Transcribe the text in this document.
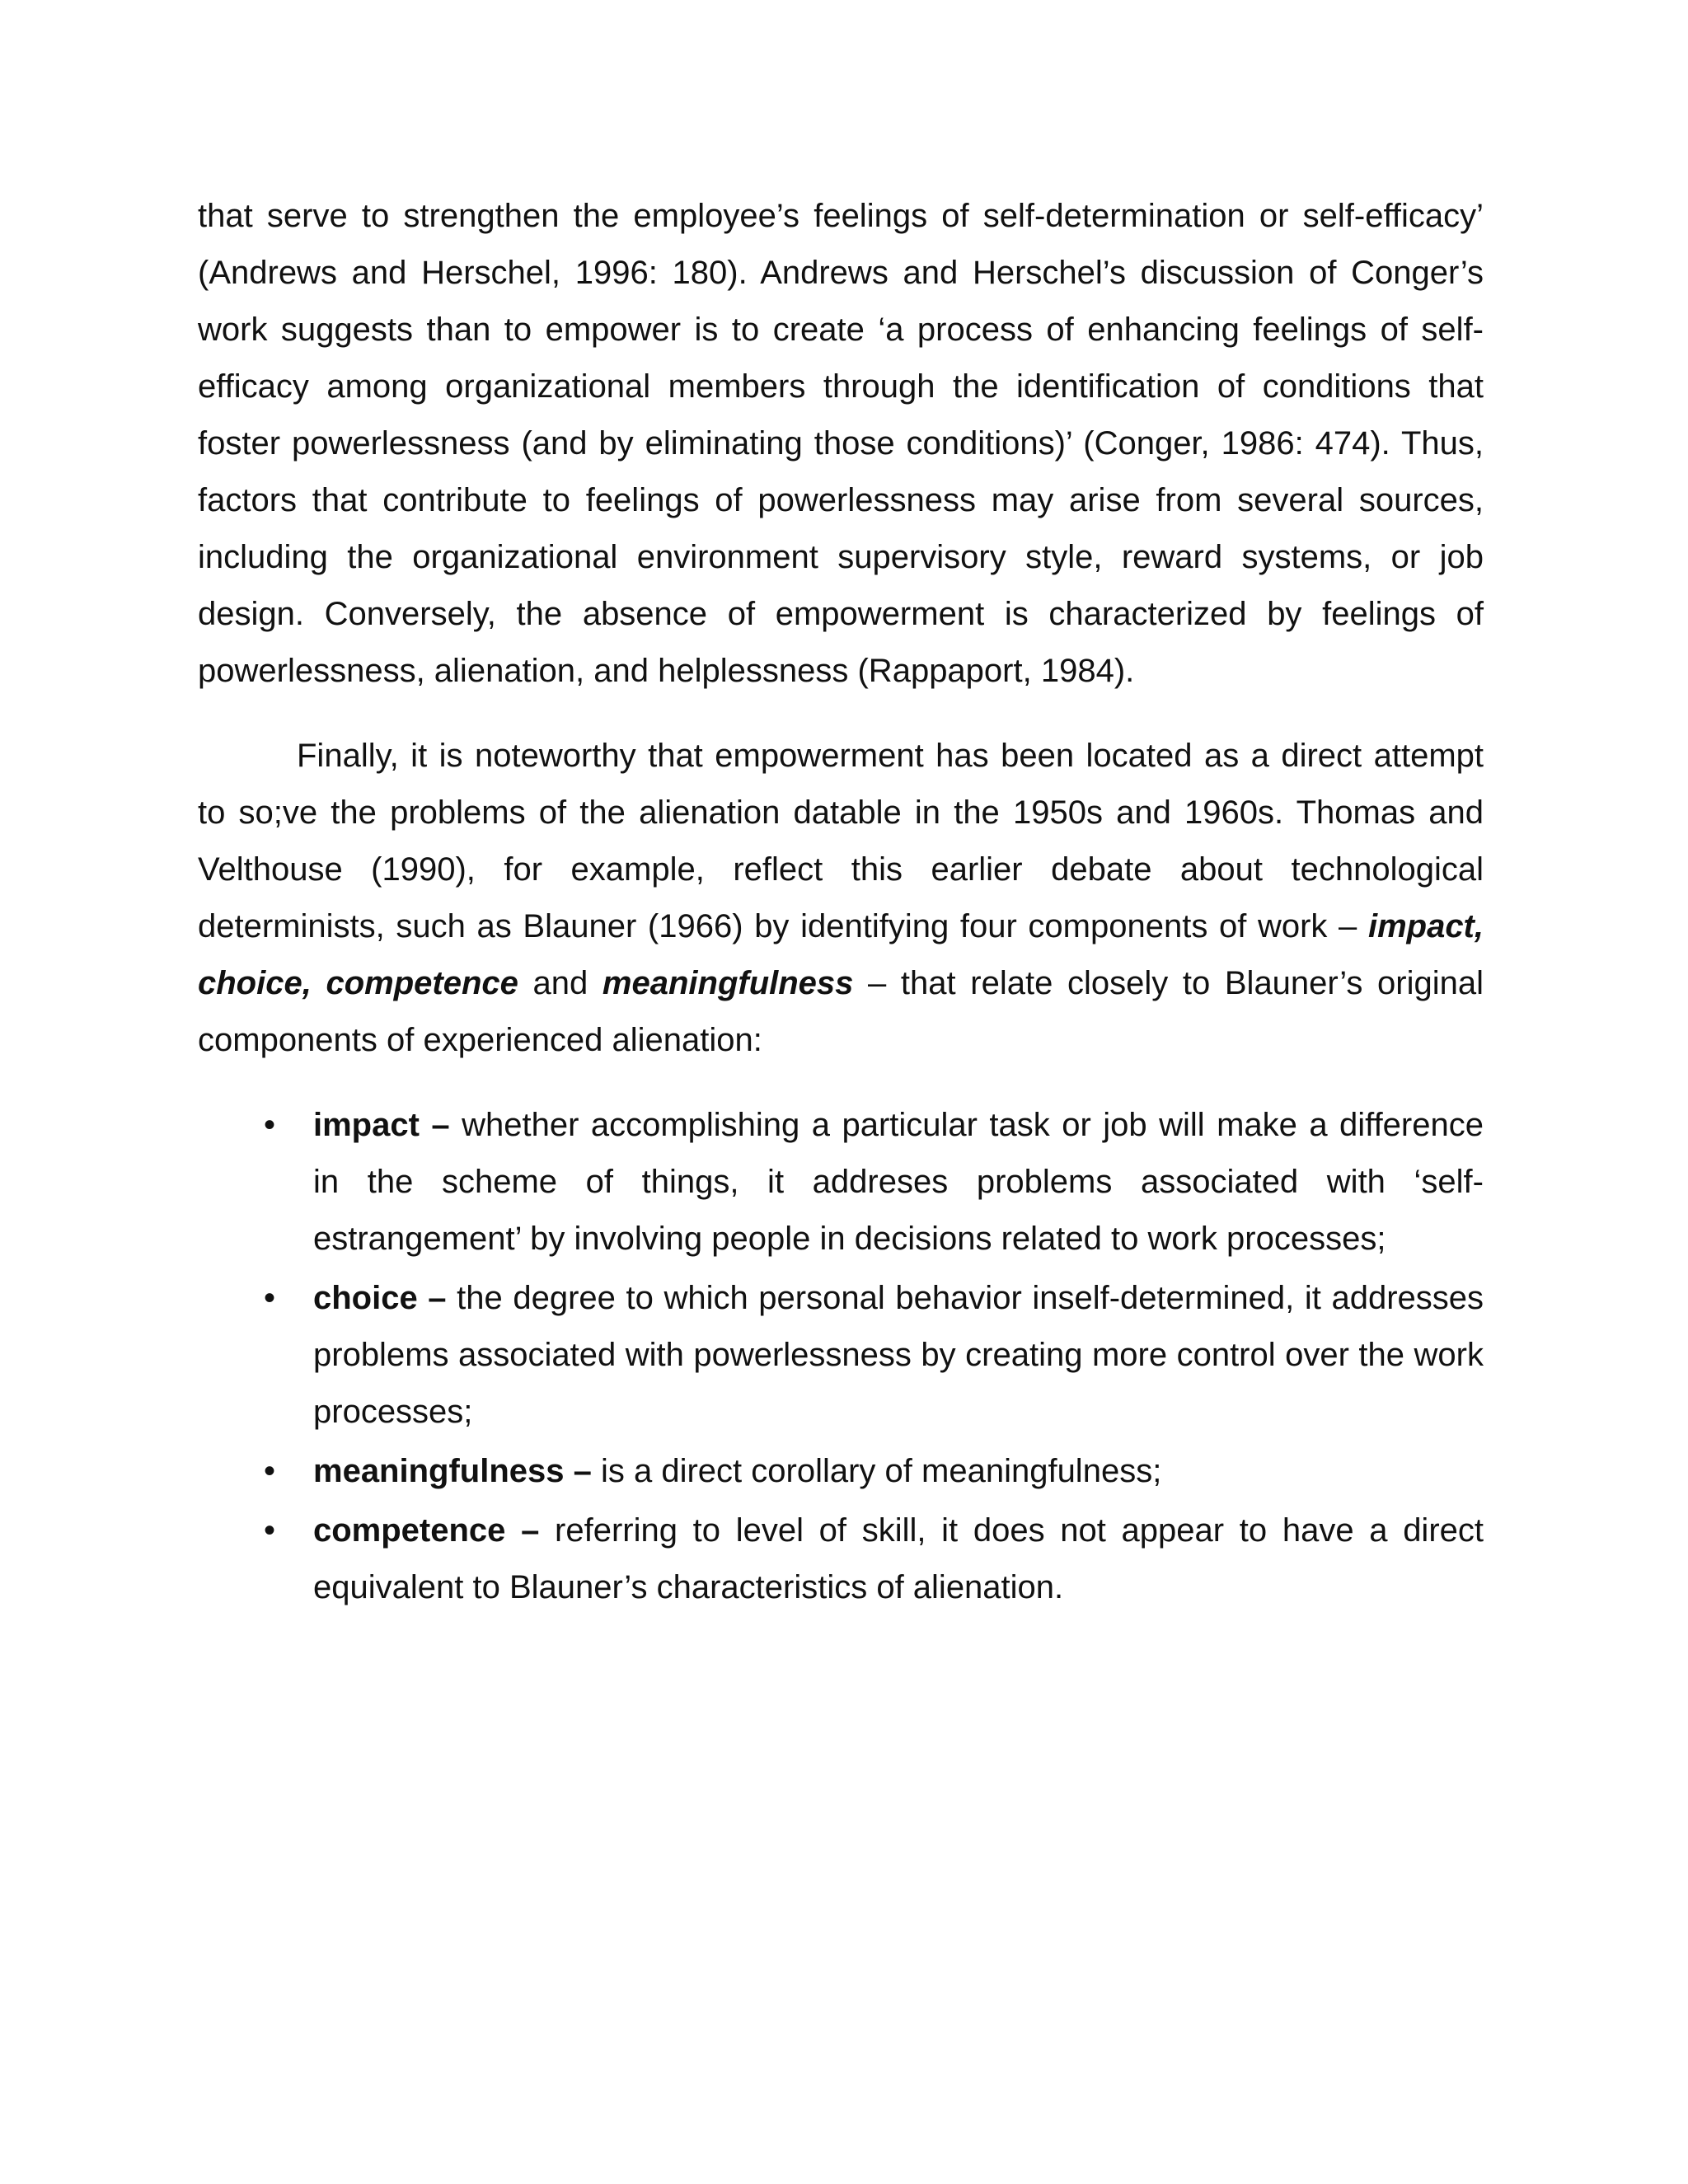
that serve to strengthen the employee’s feelings of self-determination or self-efficacy’ (Andrews and Herschel, 1996: 180). Andrews and Herschel’s discussion of Conger’s work suggests than to empower is to create ‘a process of enhancing feelings of self-efficacy among organizational members through the identification of conditions that foster powerlessness (and by eliminating those conditions)’ (Conger, 1986: 474). Thus, factors that contribute to feelings of powerlessness may arise from several sources, including the organizational environment supervisory style, reward systems, or job design. Conversely, the absence of empowerment is characterized by feelings of powerlessness, alienation, and helplessness (Rappaport, 1984).

Finally, it is noteworthy that empowerment has been located as a direct attempt to so;ve the problems of the alienation datable in the 1950s and 1960s. Thomas and Velthouse (1990), for example, reflect this earlier debate about technological determinists, such as Blauner (1966) by identifying four components of work – impact, choice, competence and meaningfulness – that relate closely to Blauner’s original components of experienced alienation:

• impact – whether accomplishing a particular task or job will make a difference in the scheme of things, it addreses problems associated with ‘self-estrangement’ by involving people in decisions related to work processes;
• choice – the degree to which personal behavior inself-determined, it addresses problems associated with powerlessness by creating more control over the work processes;
• meaningfulness – is a direct corollary of meaningfulness;
• competence – referring to level of skill, it does not appear to have a direct equivalent to Blauner’s characteristics of alienation.
